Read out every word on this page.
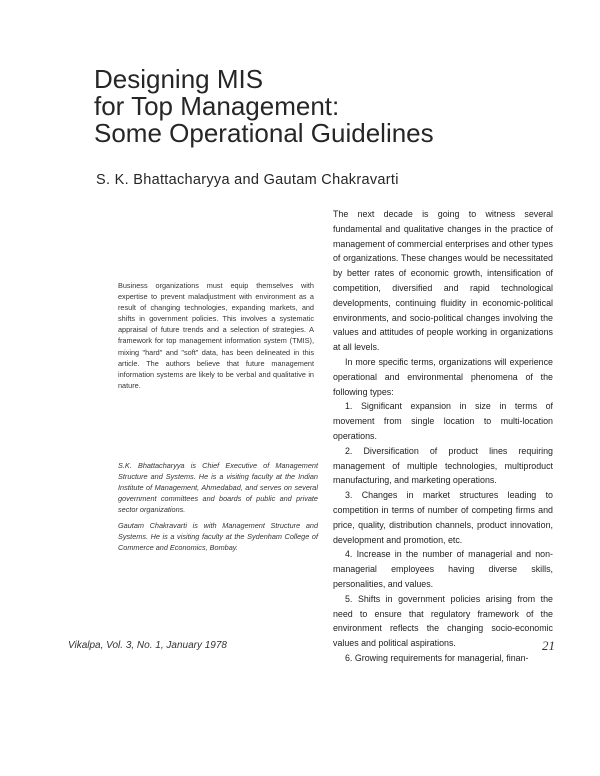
Designing MIS
for Top Management:
Some Operational Guidelines
S. K. Bhattacharyya and Gautam Chakravarti
Business organizations must equip themselves with expertise to prevent maladjustment with environment as a result of changing technologies, expanding markets, and shifts in government policies. This involves a systematic appraisal of future trends and a selection of strategies. A framework for top management information system (TMIS), mixing "hard" and "soft" data, has been delineated in this article. The authors believe that future management information systems are likely to be verbal and qualitative in nature.
S.K. Bhattacharyya is Chief Executive of Management Structure and Systems. He is a visiting faculty at the Indian Institute of Management, Ahmedabad, and serves on several government committees and boards of public and private sector organizations.
Gautam Chakravarti is with Management Structure and Systems. He is a visiting faculty at the Sydenham College of Commerce and Economics, Bombay.

The next decade is going to witness several fundamental and qualitative changes in the practice of management of commercial enterprises and other types of organizations. These changes would be necessitated by better rates of economic growth, intensification of competition, diversified and rapid technological developments, continuing fluidity in economic-political environments, and socio-political changes involving the values and attitudes of people working in organizations at all levels.

In more specific terms, organizations will experience operational and environmental phenomena of the following types:

1. Significant expansion in size in terms of movement from single location to multi-location operations.

2. Diversification of product lines requiring management of multiple technologies, multiproduct manufacturing, and marketing operations.

3. Changes in market structures leading to competition in terms of number of competing firms and price, quality, distribution channels, product innovation, development and promotion, etc.

4. Increase in the number of managerial and non-managerial employees having diverse skills, personalities, and values.

5. Shifts in government policies arising from the need to ensure that regulatory framework of the environment reflects the changing socio-economic values and political aspirations.

6. Growing requirements for managerial, finan-

Vikalpa, Vol. 3, No. 1, January 1978	21
